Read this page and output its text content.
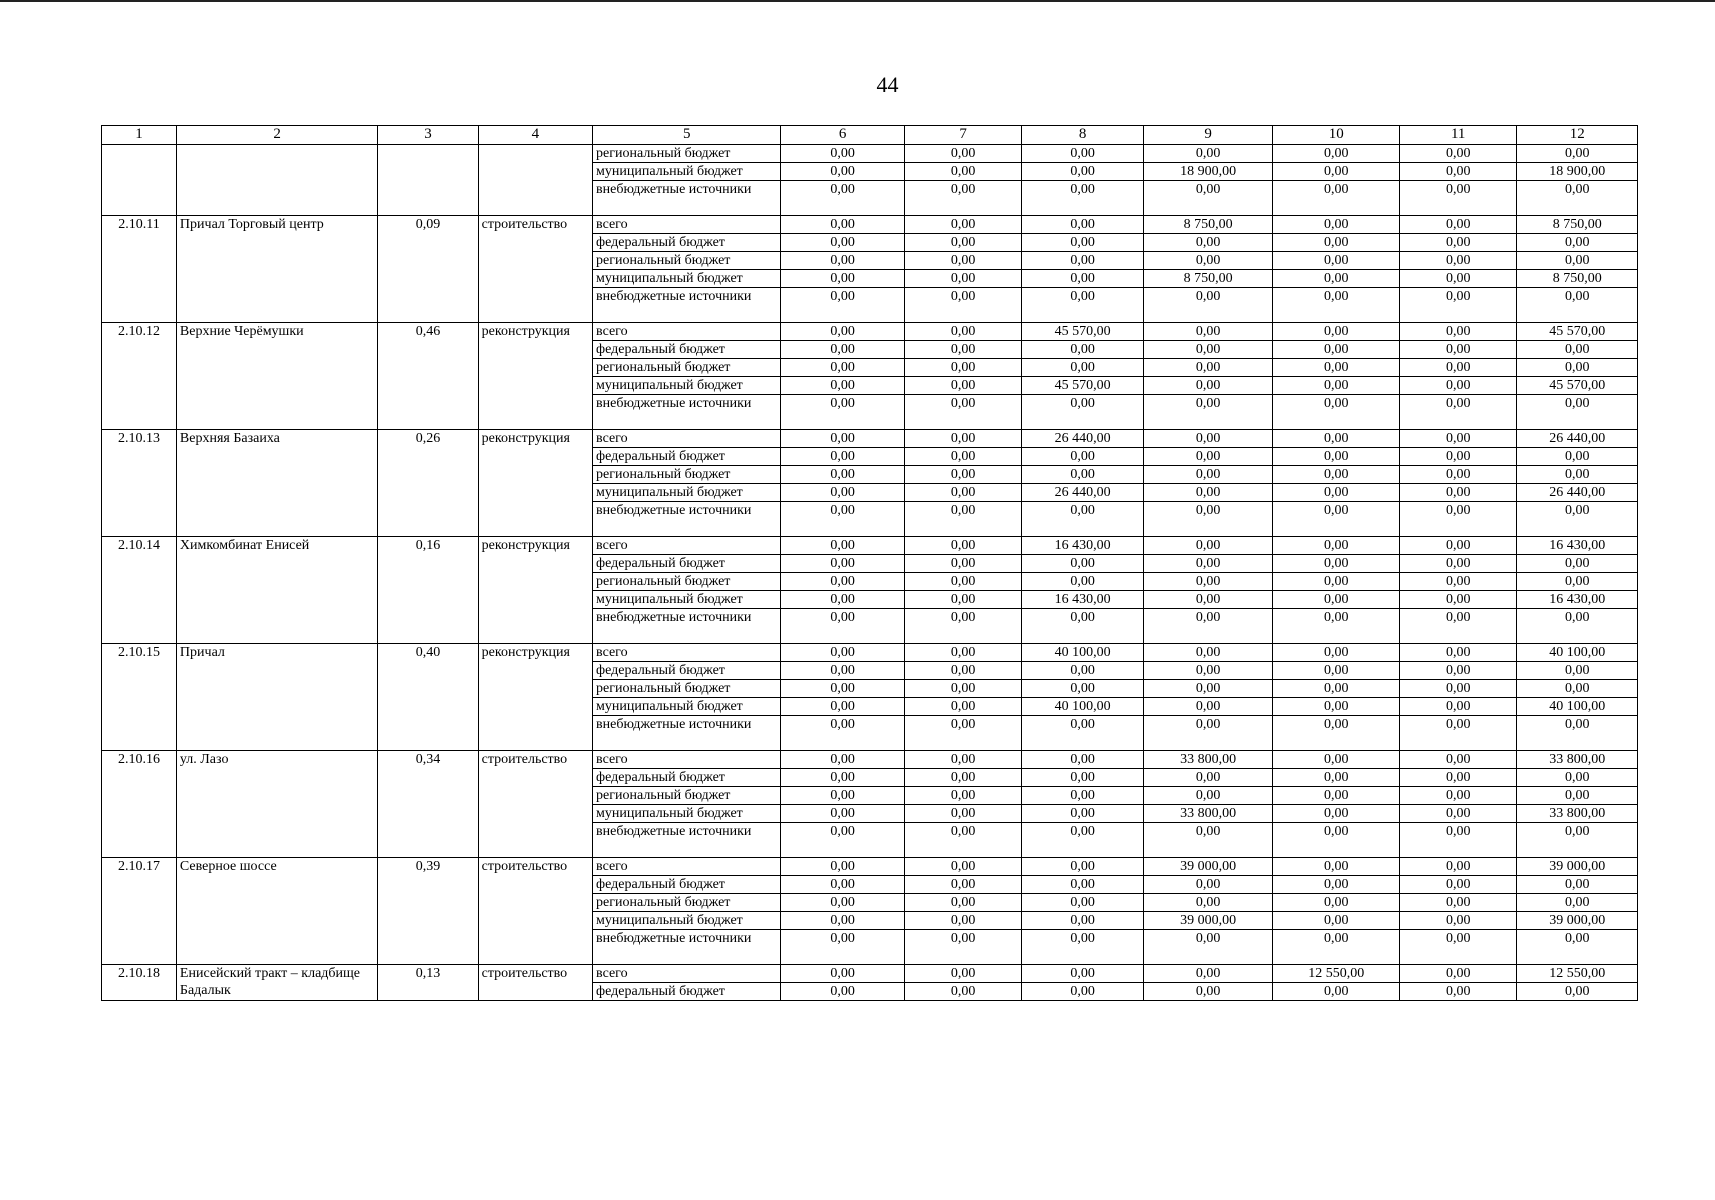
44
1	2	3	4	5	6	7	8	9	10	11	12
				региональный бюджет	0,00	0,00	0,00	0,00	0,00	0,00	0,00
				муниципальный бюджет	0,00	0,00	0,00	18 900,00	0,00	0,00	18 900,00
				внебюджетные источники	0,00	0,00	0,00	0,00	0,00	0,00	0,00
2.10.11	Причал Торговый центр	0,09	строительство	всего	0,00	0,00	0,00	8 750,00	0,00	0,00	8 750,00
				федеральный бюджет	0,00	0,00	0,00	0,00	0,00	0,00	0,00
				региональный бюджет	0,00	0,00	0,00	0,00	0,00	0,00	0,00
				муниципальный бюджет	0,00	0,00	0,00	8 750,00	0,00	0,00	8 750,00
				внебюджетные источники	0,00	0,00	0,00	0,00	0,00	0,00	0,00
2.10.12	Верхние Черёмушки	0,46	реконструкция	всего	0,00	0,00	45 570,00	0,00	0,00	0,00	45 570,00
				федеральный бюджет	0,00	0,00	0,00	0,00	0,00	0,00	0,00
				региональный бюджет	0,00	0,00	0,00	0,00	0,00	0,00	0,00
				муниципальный бюджет	0,00	0,00	45 570,00	0,00	0,00	0,00	45 570,00
				внебюджетные источники	0,00	0,00	0,00	0,00	0,00	0,00	0,00
2.10.13	Верхняя Базаиха	0,26	реконструкция	всего	0,00	0,00	26 440,00	0,00	0,00	0,00	26 440,00
				федеральный бюджет	0,00	0,00	0,00	0,00	0,00	0,00	0,00
				региональный бюджет	0,00	0,00	0,00	0,00	0,00	0,00	0,00
				муниципальный бюджет	0,00	0,00	26 440,00	0,00	0,00	0,00	26 440,00
				внебюджетные источники	0,00	0,00	0,00	0,00	0,00	0,00	0,00
2.10.14	Химкомбинат Енисей	0,16	реконструкция	всего	0,00	0,00	16 430,00	0,00	0,00	0,00	16 430,00
				федеральный бюджет	0,00	0,00	0,00	0,00	0,00	0,00	0,00
				региональный бюджет	0,00	0,00	0,00	0,00	0,00	0,00	0,00
				муниципальный бюджет	0,00	0,00	16 430,00	0,00	0,00	0,00	16 430,00
				внебюджетные источники	0,00	0,00	0,00	0,00	0,00	0,00	0,00
2.10.15	Причал	0,40	реконструкция	всего	0,00	0,00	40 100,00	0,00	0,00	0,00	40 100,00
				федеральный бюджет	0,00	0,00	0,00	0,00	0,00	0,00	0,00
				региональный бюджет	0,00	0,00	0,00	0,00	0,00	0,00	0,00
				муниципальный бюджет	0,00	0,00	40 100,00	0,00	0,00	0,00	40 100,00
				внебюджетные источники	0,00	0,00	0,00	0,00	0,00	0,00	0,00
2.10.16	ул. Лазо	0,34	строительство	всего	0,00	0,00	0,00	33 800,00	0,00	0,00	33 800,00
				федеральный бюджет	0,00	0,00	0,00	0,00	0,00	0,00	0,00
				региональный бюджет	0,00	0,00	0,00	0,00	0,00	0,00	0,00
				муниципальный бюджет	0,00	0,00	0,00	33 800,00	0,00	0,00	33 800,00
				внебюджетные источники	0,00	0,00	0,00	0,00	0,00	0,00	0,00
2.10.17	Северное шоссе	0,39	строительство	всего	0,00	0,00	0,00	39 000,00	0,00	0,00	39 000,00
				федеральный бюджет	0,00	0,00	0,00	0,00	0,00	0,00	0,00
				региональный бюджет	0,00	0,00	0,00	0,00	0,00	0,00	0,00
				муниципальный бюджет	0,00	0,00	0,00	39 000,00	0,00	0,00	39 000,00
				внебюджетные источники	0,00	0,00	0,00	0,00	0,00	0,00	0,00
2.10.18	Енисейский тракт – кладбище Бадалык	0,13	строительство	всего	0,00	0,00	0,00	0,00	12 550,00	0,00	12 550,00
				федеральный бюджет	0,00	0,00	0,00	0,00	0,00	0,00	0,00
